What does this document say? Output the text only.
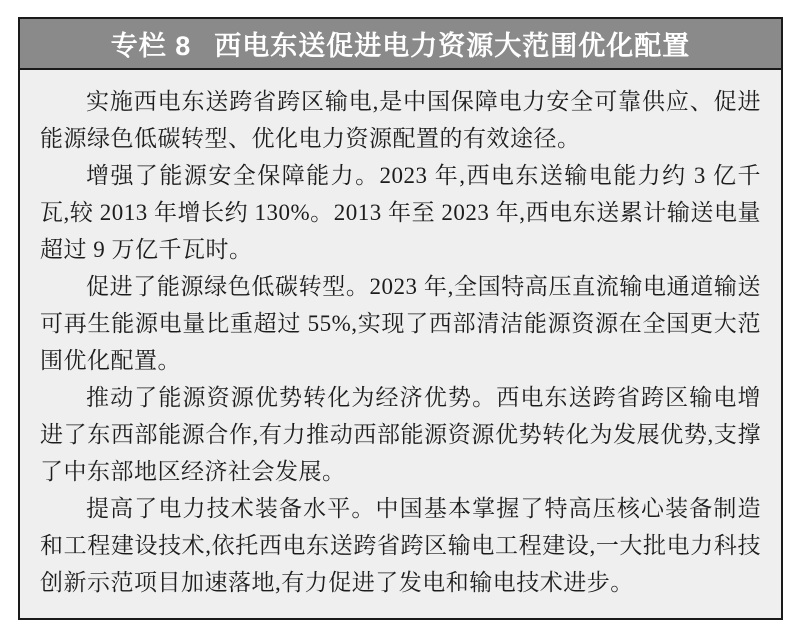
专栏 8 西电东送促进电力资源大范围优化配置

实施西电东送跨省跨区输电,是中国保障电力安全可靠供应、促进能源绿色低碳转型、优化电力资源配置的有效途径。

增强了能源安全保障能力。2023 年,西电东送输电能力约 3 亿千瓦,较 2013 年增长约 130%。2013 年至 2023 年,西电东送累计输送电量超过 9 万亿千瓦时。

促进了能源绿色低碳转型。2023 年,全国特高压直流输电通道输送可再生能源电量比重超过 55%,实现了西部清洁能源资源在全国更大范围优化配置。

推动了能源资源优势转化为经济优势。西电东送跨省跨区输电增进了东西部能源合作,有力推动西部能源资源优势转化为发展优势,支撑了中东部地区经济社会发展。

提高了电力技术装备水平。中国基本掌握了特高压核心装备制造和工程建设技术,依托西电东送跨省跨区输电工程建设,一大批电力科技创新示范项目加速落地,有力促进了发电和输电技术进步。
